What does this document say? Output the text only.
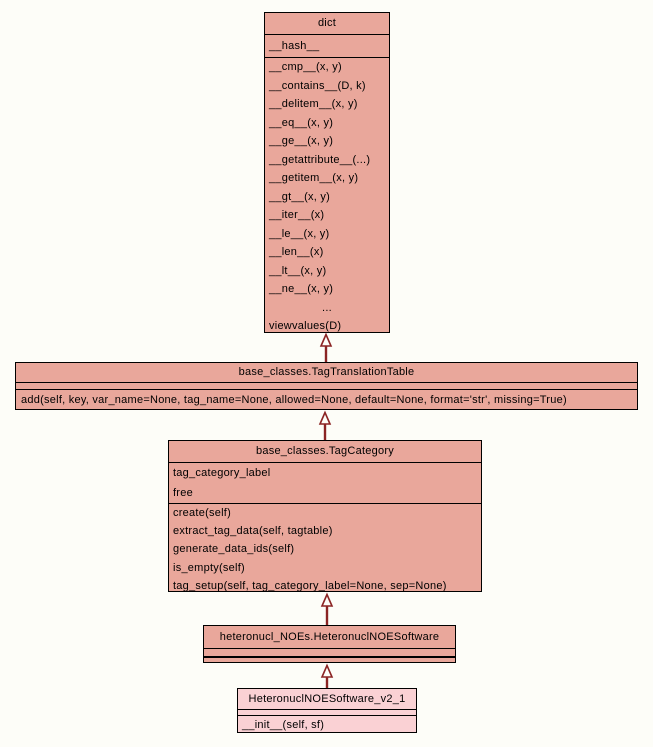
dict
__hash__
__cmp__(x, y)
__contains__(D, k)
__delitem__(x, y)
__eq__(x, y)
__ge__(x, y)
__getattribute__(...)
__getitem__(x, y)
__gt__(x, y)
__iter__(x)
__le__(x, y)
__len__(x)
__lt__(x, y)
__ne__(x, y)
...
viewvalues(D)
base_classes.TagTranslationTable
add(self, key, var_name=None, tag_name=None, allowed=None, default=None, format='str', missing=True)
base_classes.TagCategory
tag_category_label
free
create(self)
extract_tag_data(self, tagtable)
generate_data_ids(self)
is_empty(self)
tag_setup(self, tag_category_label=None, sep=None)
heteronucl_NOEs.HeteronuclNOESoftware
HeteronuclNOESoftware_v2_1
__init__(self, sf)
